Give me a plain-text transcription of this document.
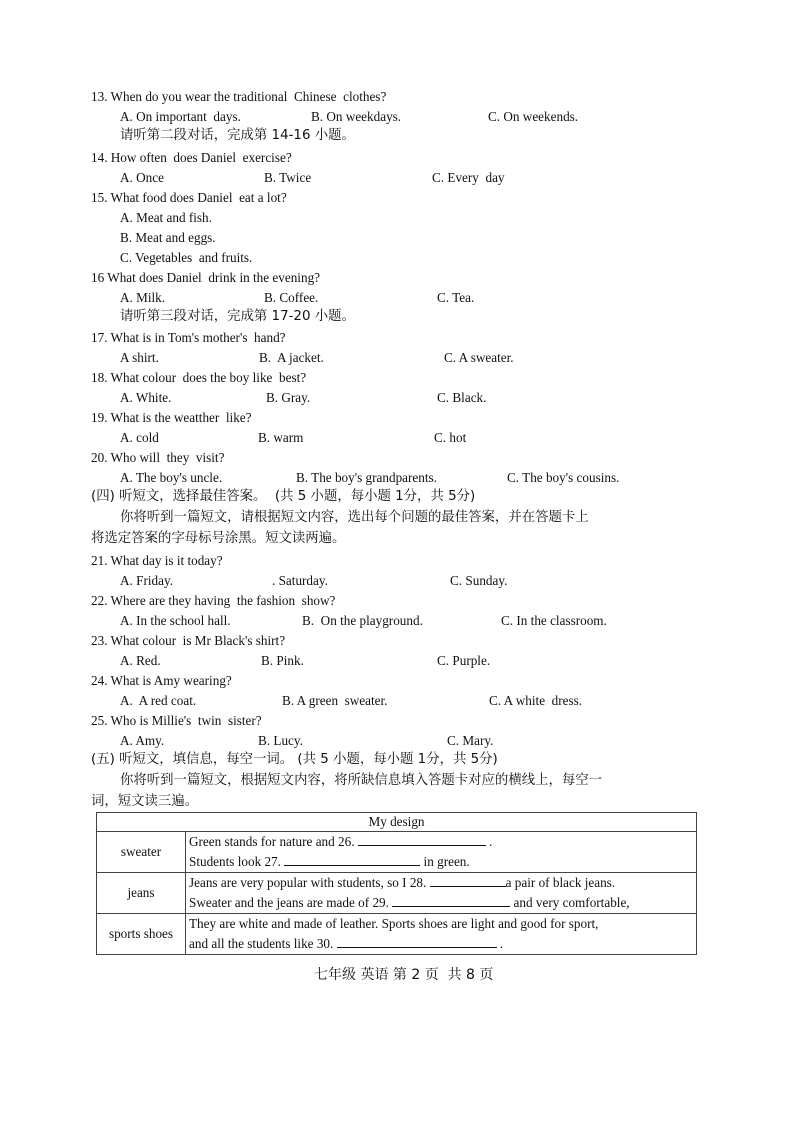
13. When do you wear the traditional  Chinese  clothes?
A. On important  days.	B. On weekdays.	C. On weekends.
请听第二段对话，完成第 14-16 小题。
14. How often  does Daniel  exercise?
A. Once	B. Twice	C. Every  day
15. What food does Daniel  eat a lot?
A. Meat and fish.
B. Meat and eggs.
C. Vegetables  and fruits.
16 What does Daniel  drink in the evening?
A. Milk.	B. Coffee.	C. Tea.
请听第三段对话，完成第 17-20 小题。
17. What is in Tom's mother's  hand?
A shirt.	B.  A jacket.	C. A sweater.
18. What colour  does the boy like  best?
A. White.	B. Gray.	C. Black.
19. What is the weatther  like?
A. cold	B. warm	C. hot
20. Who will  they  visit?
A. The boy's uncle.	B. The boy's grandparents.	C. The boy's cousins.
(四) 听短文，选择最佳答案。  (共 5 小题，每小题 1分，共 5分)
你将听到一篇短文，请根据短文内容，选出每个问题的最佳答案，并在答题卡上
将选定答案的字母标号涂黑。短文读两遍。
21. What day is it today?
A. Friday.	. Saturday.	C. Sunday.
22. Where are they having  the fashion  show?
A. In the school hall.	B.  On the playground.	C. In the classroom.
23. What colour  is Mr Black's shirt?
A. Red.	B. Pink.	C. Purple.
24. What is Amy wearing?
A.  A red coat.	B. A green  sweater.	C. A white  dress.
25. Who is Millie's  twin  sister?
A. Amy.	B. Lucy.	C. Mary.
(五) 听短文，填信息，每空一词。 (共 5 小题，每小题 1分，共 5分)
你将听到一篇短文，根据短文内容，将所缺信息填入答题卡对应的横线上，每空一
词，短文读三遍。
My design	
sweater	Green stands for nature and 26. .
Students look 27. in green.

jeans	Jeans are very popular with students, so I 28. a pair of black jeans.
Sweater and the jeans are made of 29. and very comfortable,

sports shoes	They are white and made of leather. Sports shoes are light and good for sport,
and all the students like 30. .
七年级 英语 第 2 页  共 8 页
